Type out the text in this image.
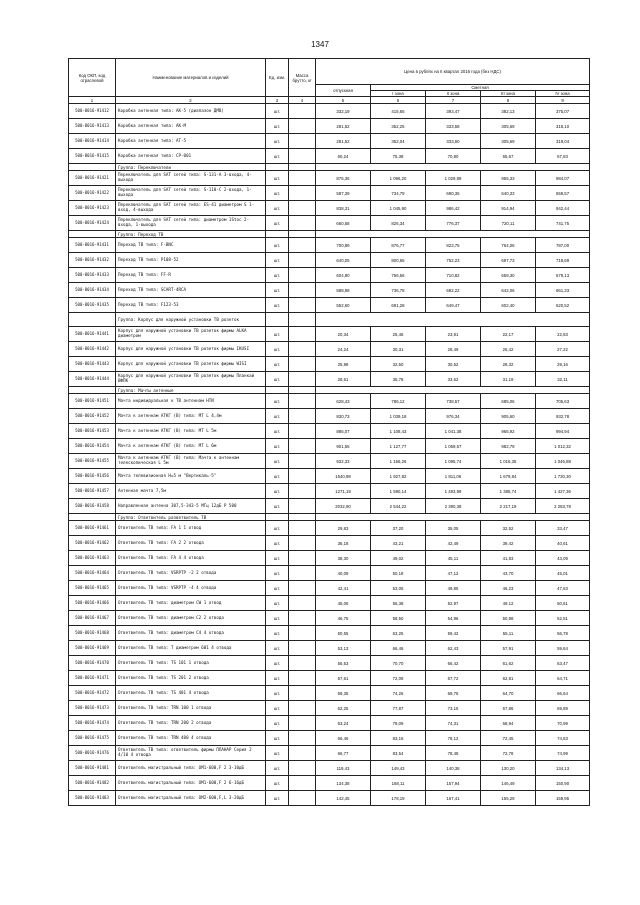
1347
Код ОКП, код отраслевой	Наименование материалов и изделий	Ед. изм.	Масса брутто, кг	Цена в рублях на II квартал 2016 года (без НДС)				
				отпускная	Сметная			
					I зона	II зона	III зона	IV зона
1	2	3	4	5	6	7	8	9
500-8016-91412	Коробка антенная типа: AK-5 (диапазон ДМВ)	шт.		332,19	415,65	393,47	382,13	375,07
500-8016-91413	Коробка антенная типа: AK-M	шт.		281,52	352,25	333,58	305,69	318,10
500-8016-91414	Коробка антенная типа: AT-5	шт.		281,52	352,04	333,60	305,69	318,04
500-8016-91415	Коробка антенная типа: CP-001	шт.		60,24	75,38	70,80	65,67	67,83
	Группа: Переключатели							
500-8016-91421	Переключатель для SAT сетей типа: S-131-A 3-входа, 4-выхода	шт.		876,36	1 096,20	1 029,89	955,33	984,07
500-8016-91422	Переключатель для SAT сетей типа: S-110-C 2-входа, 1-выхода	шт.		587,39	734,79	690,35	640,33	659,57
500-8016-91423	Переключатель для SAT сетей типа: ES-41 диаметром S 1-вход, 4-выхода	шт.		838,31	1 045,90	986,42	914,94	942,44
500-8016-91424	Переключатель для SAT сетей типа: диаметром 1Stoс 2-входа, 1-выхода	шт.		660,58	826,34	776,37	720,11	741,75
	Группа: Переход ТВ							
500-8016-91431	Переход ТВ типа: F-BNC	шт.		700,89	876,77	823,75	764,06	787,00
500-8016-91432	Переход ТВ типа: P108-52	шт.		640,05	800,65	752,23	697,73	718,69
500-8016-91433	Переход ТВ типа: FF-R	шт.		604,90	756,56	710,82	659,30	679,13
500-8016-91434	Переход ТВ типа: SCART-4RCA	шт.		588,98	736,78	692,22	642,06	661,33
500-8016-91435	Переход ТВ типа: F123-53	шт.		552,60	691,28	649,47	602,40	620,52
	Группа: Корпус для наружной установки ТВ розеток							
500-8016-91441	Корпус для наружной установки ТВ розеток фирмы ALKA диаметром	шт.		20,34	25,46	23,91	22,17	22,83
500-8016-91442	Корпус для наружной установки ТВ розеток фирмы IKUSI	шт.		24,24	30,31	28,49	26,42	27,22
500-8016-91443	Корпус для наружной установки ТВ розеток фирмы WISI	шт.		25,98	32,50	30,52	28,32	29,16
500-8016-91444	Корпус для наружной установки ТВ розеток фирмы Планкай ВФПК	шт.		28,61	35,78	33,62	31,19	32,11
	Группа: Мачты антенные							
500-8016-91451	Мачта индивидуальная к ТВ антеннам НТИ	шт.		628,43	786,12	738,57	685,06	705,63
500-8016-91452	Мачта к антеннам АТКГ (В) типа: МТ L 4,4м	шт.		830,73	1 039,18	976,34	905,60	932,78
500-8016-91453	Мачта к антеннам АТКГ (В) типа: МТ L 5м	шт.		886,07	1 108,43	1 041,38	965,92	994,94
500-8016-91454	Мачта к антеннам АТКГ (В) типа: МТ L 6м	шт.		901,55	1 127,77	1 059,57	982,79	1 012,32
500-8016-91455	Мачта к антеннам АТКГ (В) типа: Мачта к антеннам телескопическая L 5м	шт.		932,33	1 166,26	1 095,74	1 016,35	1 046,88
500-8016-91456	Мачта телевизионная Н=5 м "Вертикаль-5"	шт.		1540,98	1 927,82	1 811,06	1 679,84	1 730,30
500-8016-91457	Антенная мачта 7,5м	шт.		1271,19	1 590,14	1 493,99	1 385,74	1 427,36
500-8016-91458	Направленная антенна 307,5-343-5 МГц 12дБ Р 500	шт.		2032,90	2 544,22	2 390,38	2 217,19	2 283,78
	Группа: Ответвитель разветвитель ТВ							
500-8016-91461	Ответвитель ТВ типа: FA 1 1 отвод	шт.		29,83	37,20	35,05	32,52	33,47
500-8016-91462	Ответвитель ТВ типа: FA 2 2 отвода	шт.		36,18	43,21	42,49	39,42	40,61
500-8016-91463	Ответвитель ТВ типа: FA 4 4 отвода	шт.		38,30	49,02	45,11	41,83	43,09
500-8016-91464	Ответвитель ТВ типа: VSRPTP -2 2 отвода	шт.		40,09	50,18	47,12	43,70	45,01
500-8016-91465	Ответвитель ТВ типа: VSRPTP -4 4 отвода	шт.		42,41	53,05	49,85	46,23	47,63
500-8016-91466	Ответвитель ТВ типа: диаметром CW 1 отвод	шт.		45,06	56,38	52,97	49,12	50,61
500-8016-91467	Ответвитель ТВ типа: диаметром C2 2 отвода	шт.		46,75	58,50	54,96	50,98	52,51
500-8016-91468	Ответвитель ТВ типа: диаметром C4 4 отвода	шт.		50,55	63,25	59,42	55,11	56,78
500-8016-91469	Ответвитель ТВ типа: Т диаметром 601 4 отвода	шт.		53,13	66,46	62,43	57,91	59,64
500-8016-91470	Ответвитель ТВ типа: TS 101 1 отвода	шт.		56,53	70,70	66,42	61,62	63,47
500-8016-91471	Ответвитель ТВ типа: TS 201 2 отвода	шт.		57,61	72,09	67,72	62,81	64,71
500-8016-91472	Ответвитель ТВ типа: TS 401 4 отвода	шт.		59,35	74,26	69,76	64,70	66,64
500-8016-91473	Ответвитель ТВ типа: TRN 100 1 отвода	шт.		62,25	77,87	73,15	67,86	69,89
500-8016-91474	Ответвитель ТВ типа: TRN 200 2 отвода	шт.		63,24	79,09	74,31	68,94	70,99
500-8016-91475	Ответвитель ТВ типа: TRN 400 4 отвода	шт.		66,46	83,15	78,12	72,45	74,63
500-8016-91476	Ответвитель ТВ типа: ответвитель фирмы ПЛАНАР Серия 2 4/10 4 отвода	шт.		66,77	83,54	78,48	72,78	74,99
500-8016-91481	Ответвитель магистральный типа: ОМ1-600,F 2 3-10дБ	шт.		119,43	149,43	140,38	130,20	134,13
500-8016-91482	Ответвитель магистральный типа: ОМ1-600,F 2 6-16дБ	шт.		134,38	168,11	157,94	146,49	150,90
500-8016-91483	Ответвитель магистральный типа: ОМ2-600,F,L 3-20дБ	шт.		142,45	178,19	167,41	155,29	159,95
